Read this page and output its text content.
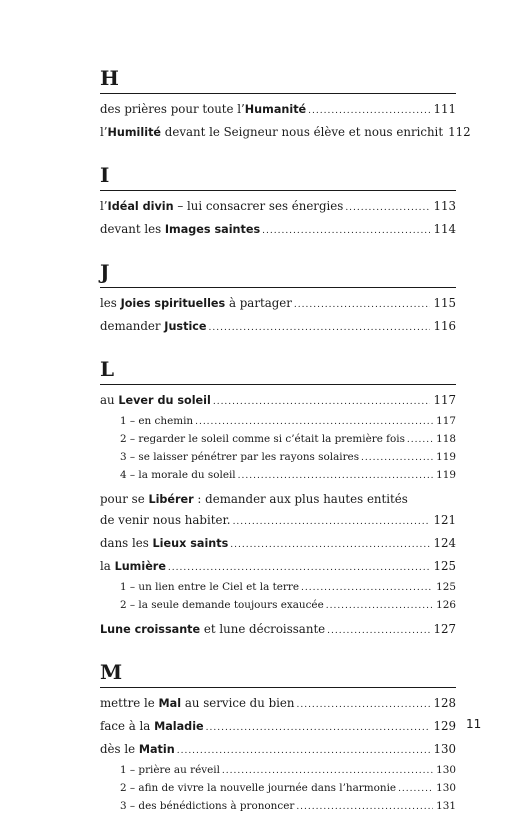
H
des prières pour toute l’Humanité .....	111
l’Humilité devant le Seigneur nous élève et nous enrichit 112
I
l’Idéal divin – lui consacrer ses énergies .....	113
devant les Images saintes .....	114
J
les Joies spirituelles à partager .....	115
demander Justice .....	116
L
au Lever du soleil .....	117
1 – en chemin .....	117
2 – regarder le soleil comme si c’était la première fois .....	118
3 – se laisser pénétrer par les rayons solaires .....	119
4 – la morale du soleil .....	119
pour se Libérer : demander aux plus hautes entités
de venir nous habiter. .....	121
dans les Lieux saints .....	124
la Lumière .....	125
1 – un lien entre le Ciel et la terre .....	125
2 – la seule demande toujours exaucée .....	126
Lune croissante et lune décroissante .....	127
M
mettre le Mal au service du bien .....	128
face à la Maladie .....	129
dès le Matin .....	130
1 – prière au réveil .....	130
2 – afin de vivre la nouvelle journée dans l’harmonie .....	130
3 – des bénédictions à prononcer .....	131
11
